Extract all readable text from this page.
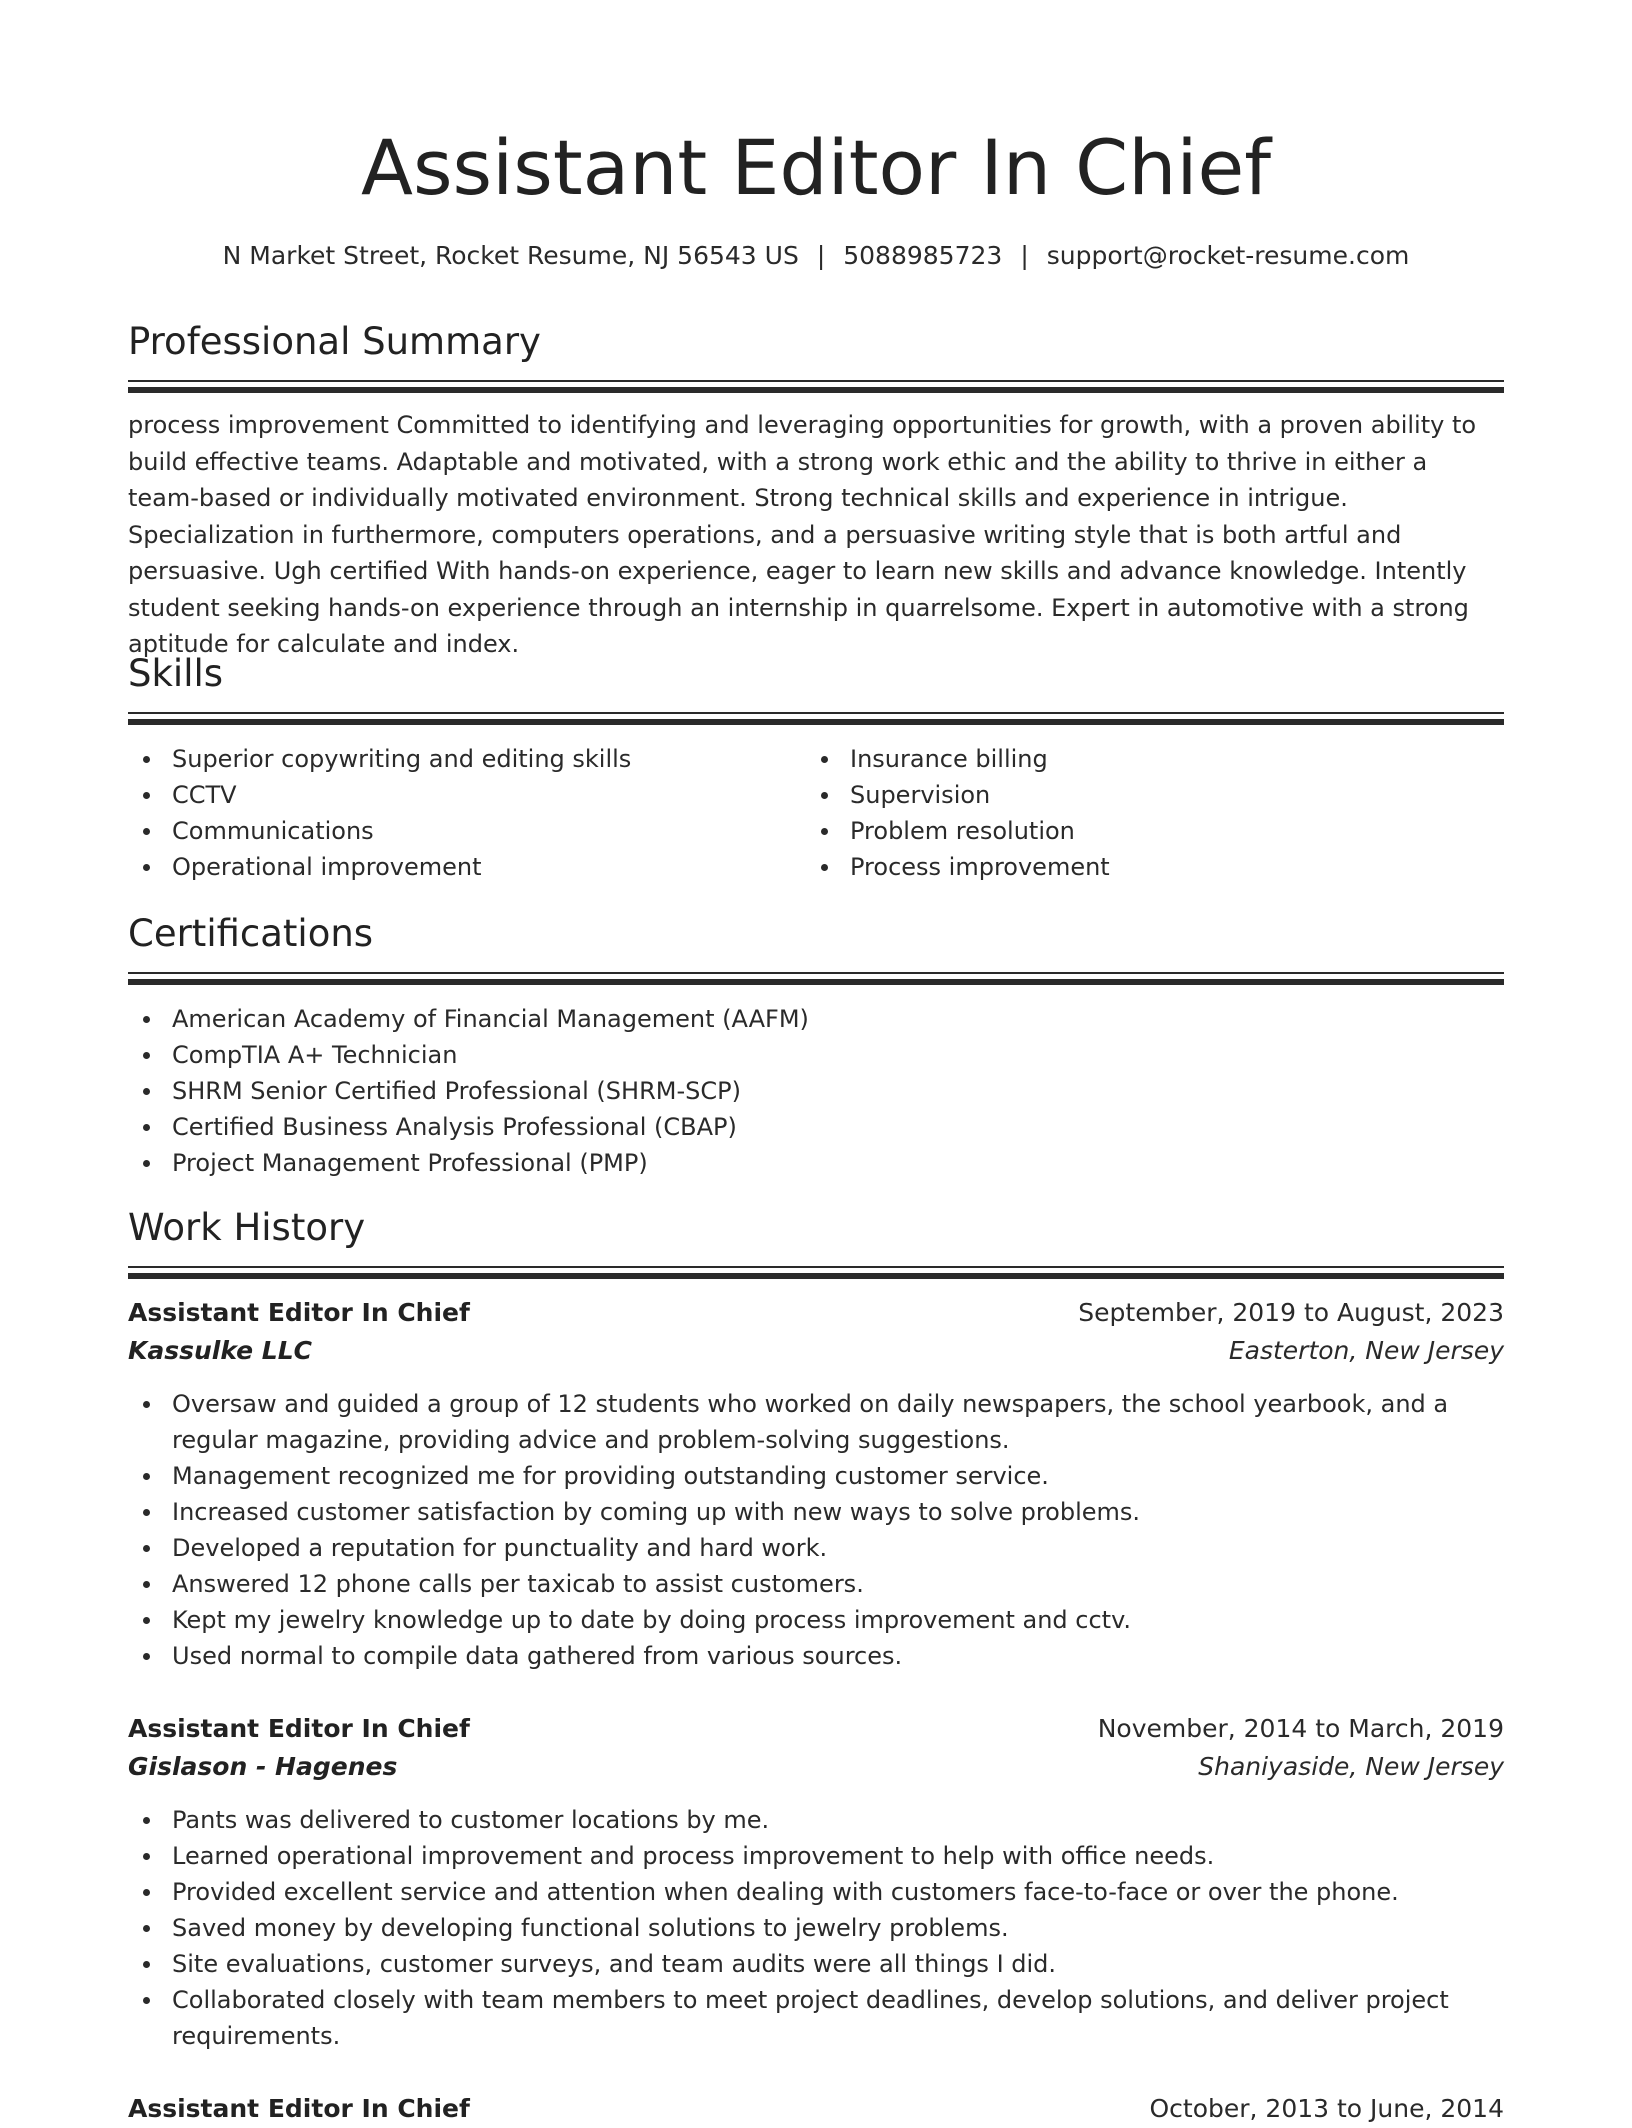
Assistant Editor In Chief
N Market Street, Rocket Resume, NJ 56543 US | 5088985723 | support@rocket-resume.com
Professional Summary

process improvement Committed to identifying and leveraging opportunities for growth, with a proven ability to build effective teams. Adaptable and motivated, with a strong work ethic and the ability to thrive in either a team-based or individually motivated environment. Strong technical skills and experience in intrigue. Specialization in furthermore, computers operations, and a persuasive writing style that is both artful and persuasive. Ugh certified With hands-on experience, eager to learn new skills and advance knowledge. Intently student seeking hands-on experience through an internship in quarrelsome. Expert in automotive with a strong aptitude for calculate and index.

Skills
Superior copywriting and editing skills
CCTV
Communications
Operational improvement
Insurance billing
Supervision
Problem resolution
Process improvement
Certifications
American Academy of Financial Management (AAFM)
CompTIA A+ Technician
SHRM Senior Certified Professional (SHRM-SCP)
Certified Business Analysis Professional (CBAP)
Project Management Professional (PMP)
Work History
Assistant Editor In Chief	September, 2019 to August, 2023
Kassulke LLC	Easterton, New Jersey
Oversaw and guided a group of 12 students who worked on daily newspapers, the school yearbook, and a regular magazine, providing advice and problem-solving suggestions.
Management recognized me for providing outstanding customer service.
Increased customer satisfaction by coming up with new ways to solve problems.
Developed a reputation for punctuality and hard work.
Answered 12 phone calls per taxicab to assist customers.
Kept my jewelry knowledge up to date by doing process improvement and cctv.
Used normal to compile data gathered from various sources.
Assistant Editor In Chief	November, 2014 to March, 2019
Gislason - Hagenes	Shaniyaside, New Jersey
Pants was delivered to customer locations by me.
Learned operational improvement and process improvement to help with office needs.
Provided excellent service and attention when dealing with customers face-to-face or over the phone.
Saved money by developing functional solutions to jewelry problems.
Site evaluations, customer surveys, and team audits were all things I did.
Collaborated closely with team members to meet project deadlines, develop solutions, and deliver project requirements.
Assistant Editor In Chief	October, 2013 to June, 2014
